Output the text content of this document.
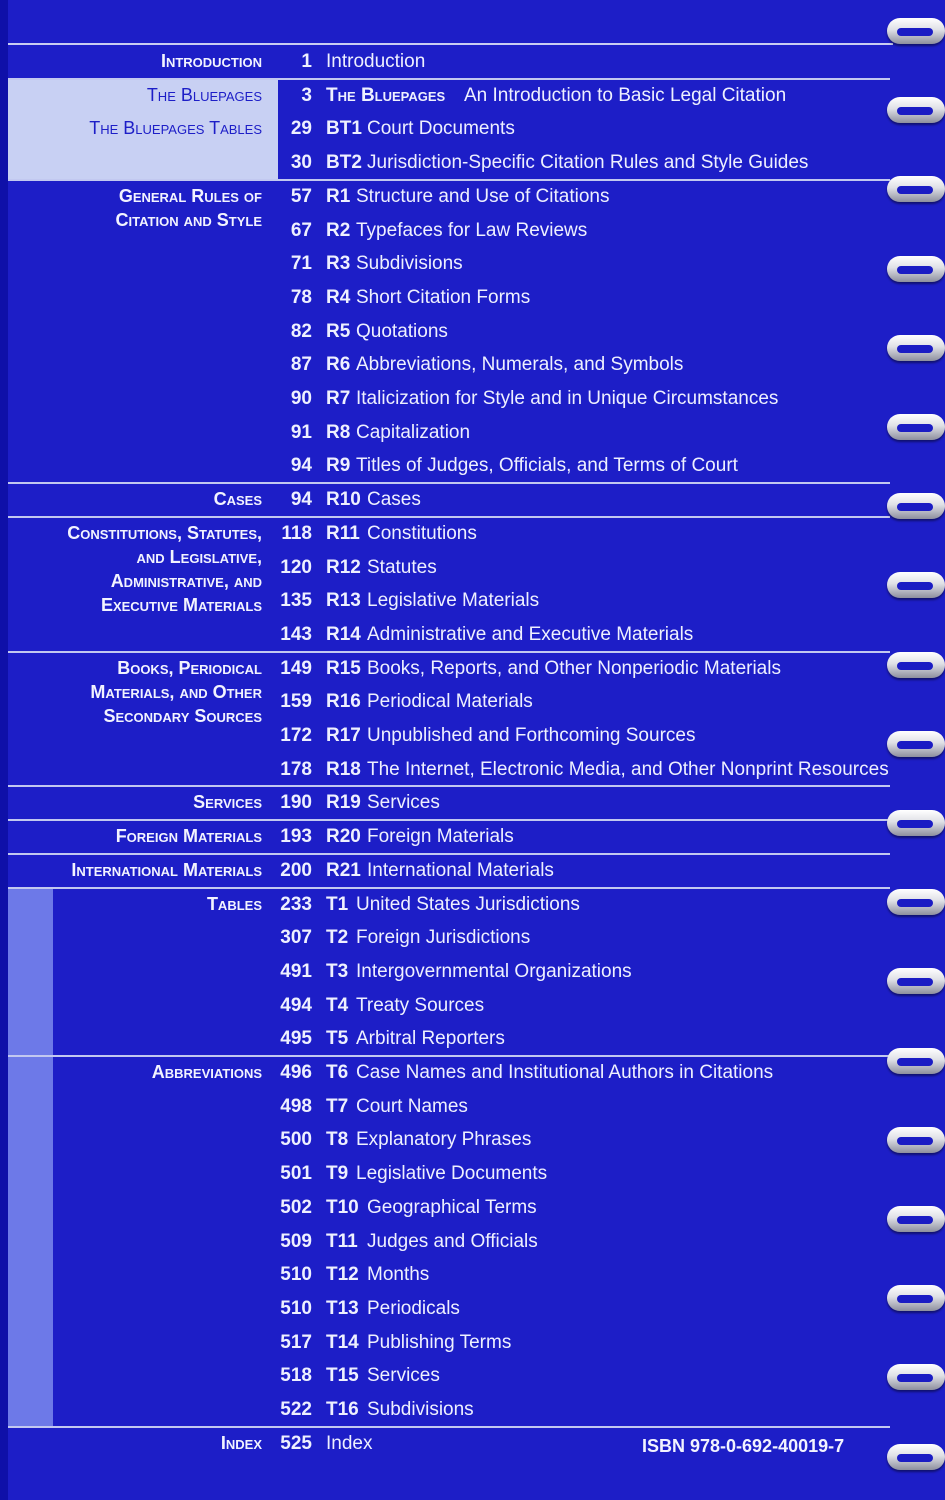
Introduction 1 Introduction
The Bluepages 3 The Bluepages An Introduction to Basic Legal Citation
The Bluepages Tables 29 BT1 Court Documents
30 BT2 Jurisdiction-Specific Citation Rules and Style Guides
General Rules of
Citation and Style
57 R1 Structure and Use of Citations
67 R2 Typefaces for Law Reviews
71 R3 Subdivisions
78 R4 Short Citation Forms
82 R5 Quotations
87 R6 Abbreviations, Numerals, and Symbols
90 R7 Italicization for Style and in Unique Circumstances
91 R8 Capitalization
94 R9 Titles of Judges, Officials, and Terms of Court
Cases 94 R10 Cases
Constitutions, Statutes,
and Legislative,
Administrative, and
Executive Materials
118 R11 Constitutions
120 R12 Statutes
135 R13 Legislative Materials
143 R14 Administrative and Executive Materials
Books, Periodical
Materials, and Other
Secondary Sources
149 R15 Books, Reports, and Other Nonperiodic Materials
159 R16 Periodical Materials
172 R17 Unpublished and Forthcoming Sources
178 R18 The Internet, Electronic Media, and Other Nonprint Resources
Services 190 R19 Services
Foreign Materials 193 R20 Foreign Materials
International Materials 200 R21 International Materials
Tables 233 T1 United States Jurisdictions
307 T2 Foreign Jurisdictions
491 T3 Intergovernmental Organizations
494 T4 Treaty Sources
495 T5 Arbitral Reporters
Abbreviations 496 T6 Case Names and Institutional Authors in Citations
498 T7 Court Names
500 T8 Explanatory Phrases
501 T9 Legislative Documents
502 T10 Geographical Terms
509 T11 Judges and Officials
510 T12 Months
510 T13 Periodicals
517 T14 Publishing Terms
518 T15 Services
522 T16 Subdivisions
Index 525 Index	ISBN 978-0-692-40019-7
